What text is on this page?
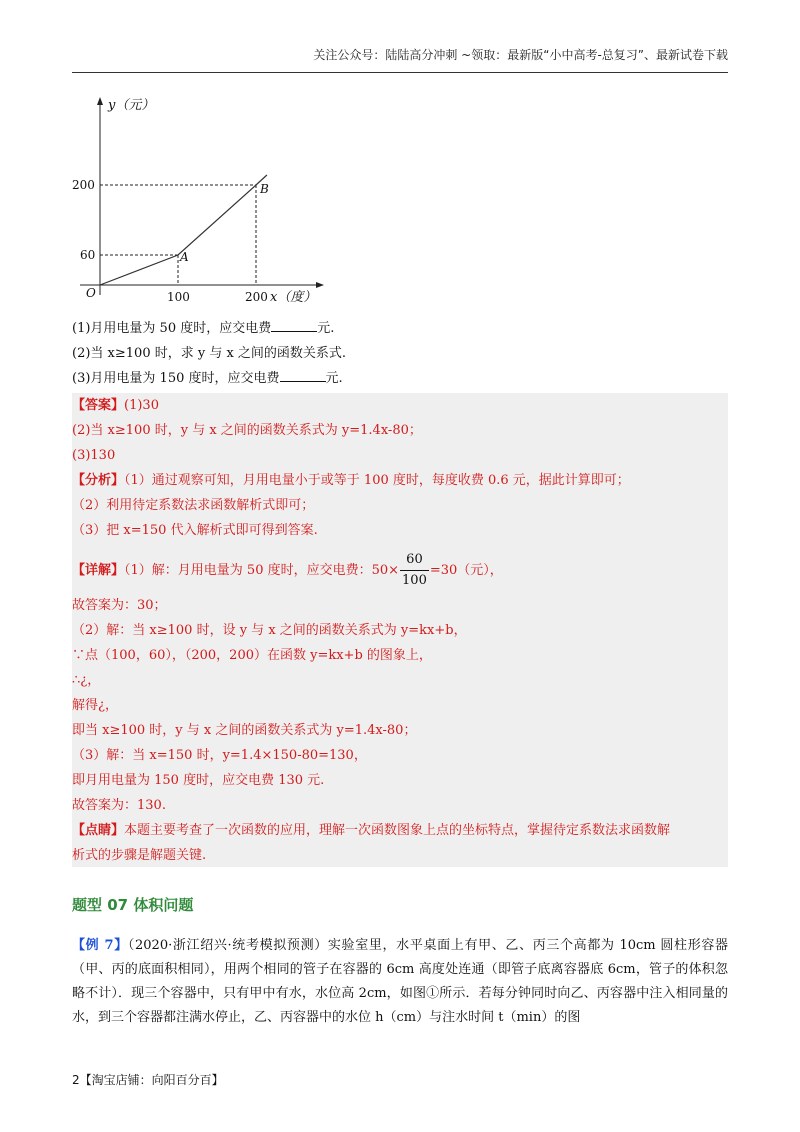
关注公众号：陆陆高分冲刺 ~领取：最新版“小中高考-总复习”、最新试卷下载
y（元）
x（度）
O
200
60
100	200
A
B
(1)月用电量为 50 度时，应交电费	元.
(2)当 x≥100 时，求 y 与 x 之间的函数关系式.
(3)月用电量为 150 度时，应交电费	元.
【答案】(1)30
(2)当 x≥100 时，y 与 x 之间的函数关系式为 y=1.4x-80；
(3)130
【分析】（1）通过观察可知，月用电量小于或等于 100 度时，每度收费 0.6 元，据此计算即可；
（2）利用待定系数法求函数解析式即可；
（3）把 x=150 代入解析式即可得到答案.
【详解】（1）解：月用电量为 50 度时，应交电费：$50\times \frac{60}{100} =30$（元），
故答案为：30；
（2）解：当 x≥100 时，设 y 与 x 之间的函数关系式为 y=kx+b，
∵点（100，60），（200，200）在函数 y=kx+b 的图象上，
∴¿，
解得¿，
即当 x≥100 时，y 与 x 之间的函数关系式为 y=1.4x-80；
（3）解：当 x=150 时，y=1.4×150-80=130，
即月用电量为 150 度时，应交电费 130 元.
故答案为：130.
【点睛】本题主要考查了一次函数的应用，理解一次函数图象上点的坐标特点，掌握待定系数法求函数解
析式的步骤是解题关键.
题型 07 体积问题
【例 7】（2020·浙江绍兴·统考模拟预测）实验室里，水平桌面上有甲、乙、丙三个高都为 10cm 圆柱形容器（甲、丙的底面积相同），用两个相同的管子在容器的 6cm 高度处连通（即管子底离容器底 6cm，管子的体积忽略不计）．现三个容器中，只有甲中有水，水位高 2cm，如图①所示．若每分钟同时向乙、丙容器中注入相同量的水，到三个容器都注满水停止，乙、丙容器中的水位 h（cm）与注水时间 t（min）的图
2【淘宝店铺：向阳百分百】
